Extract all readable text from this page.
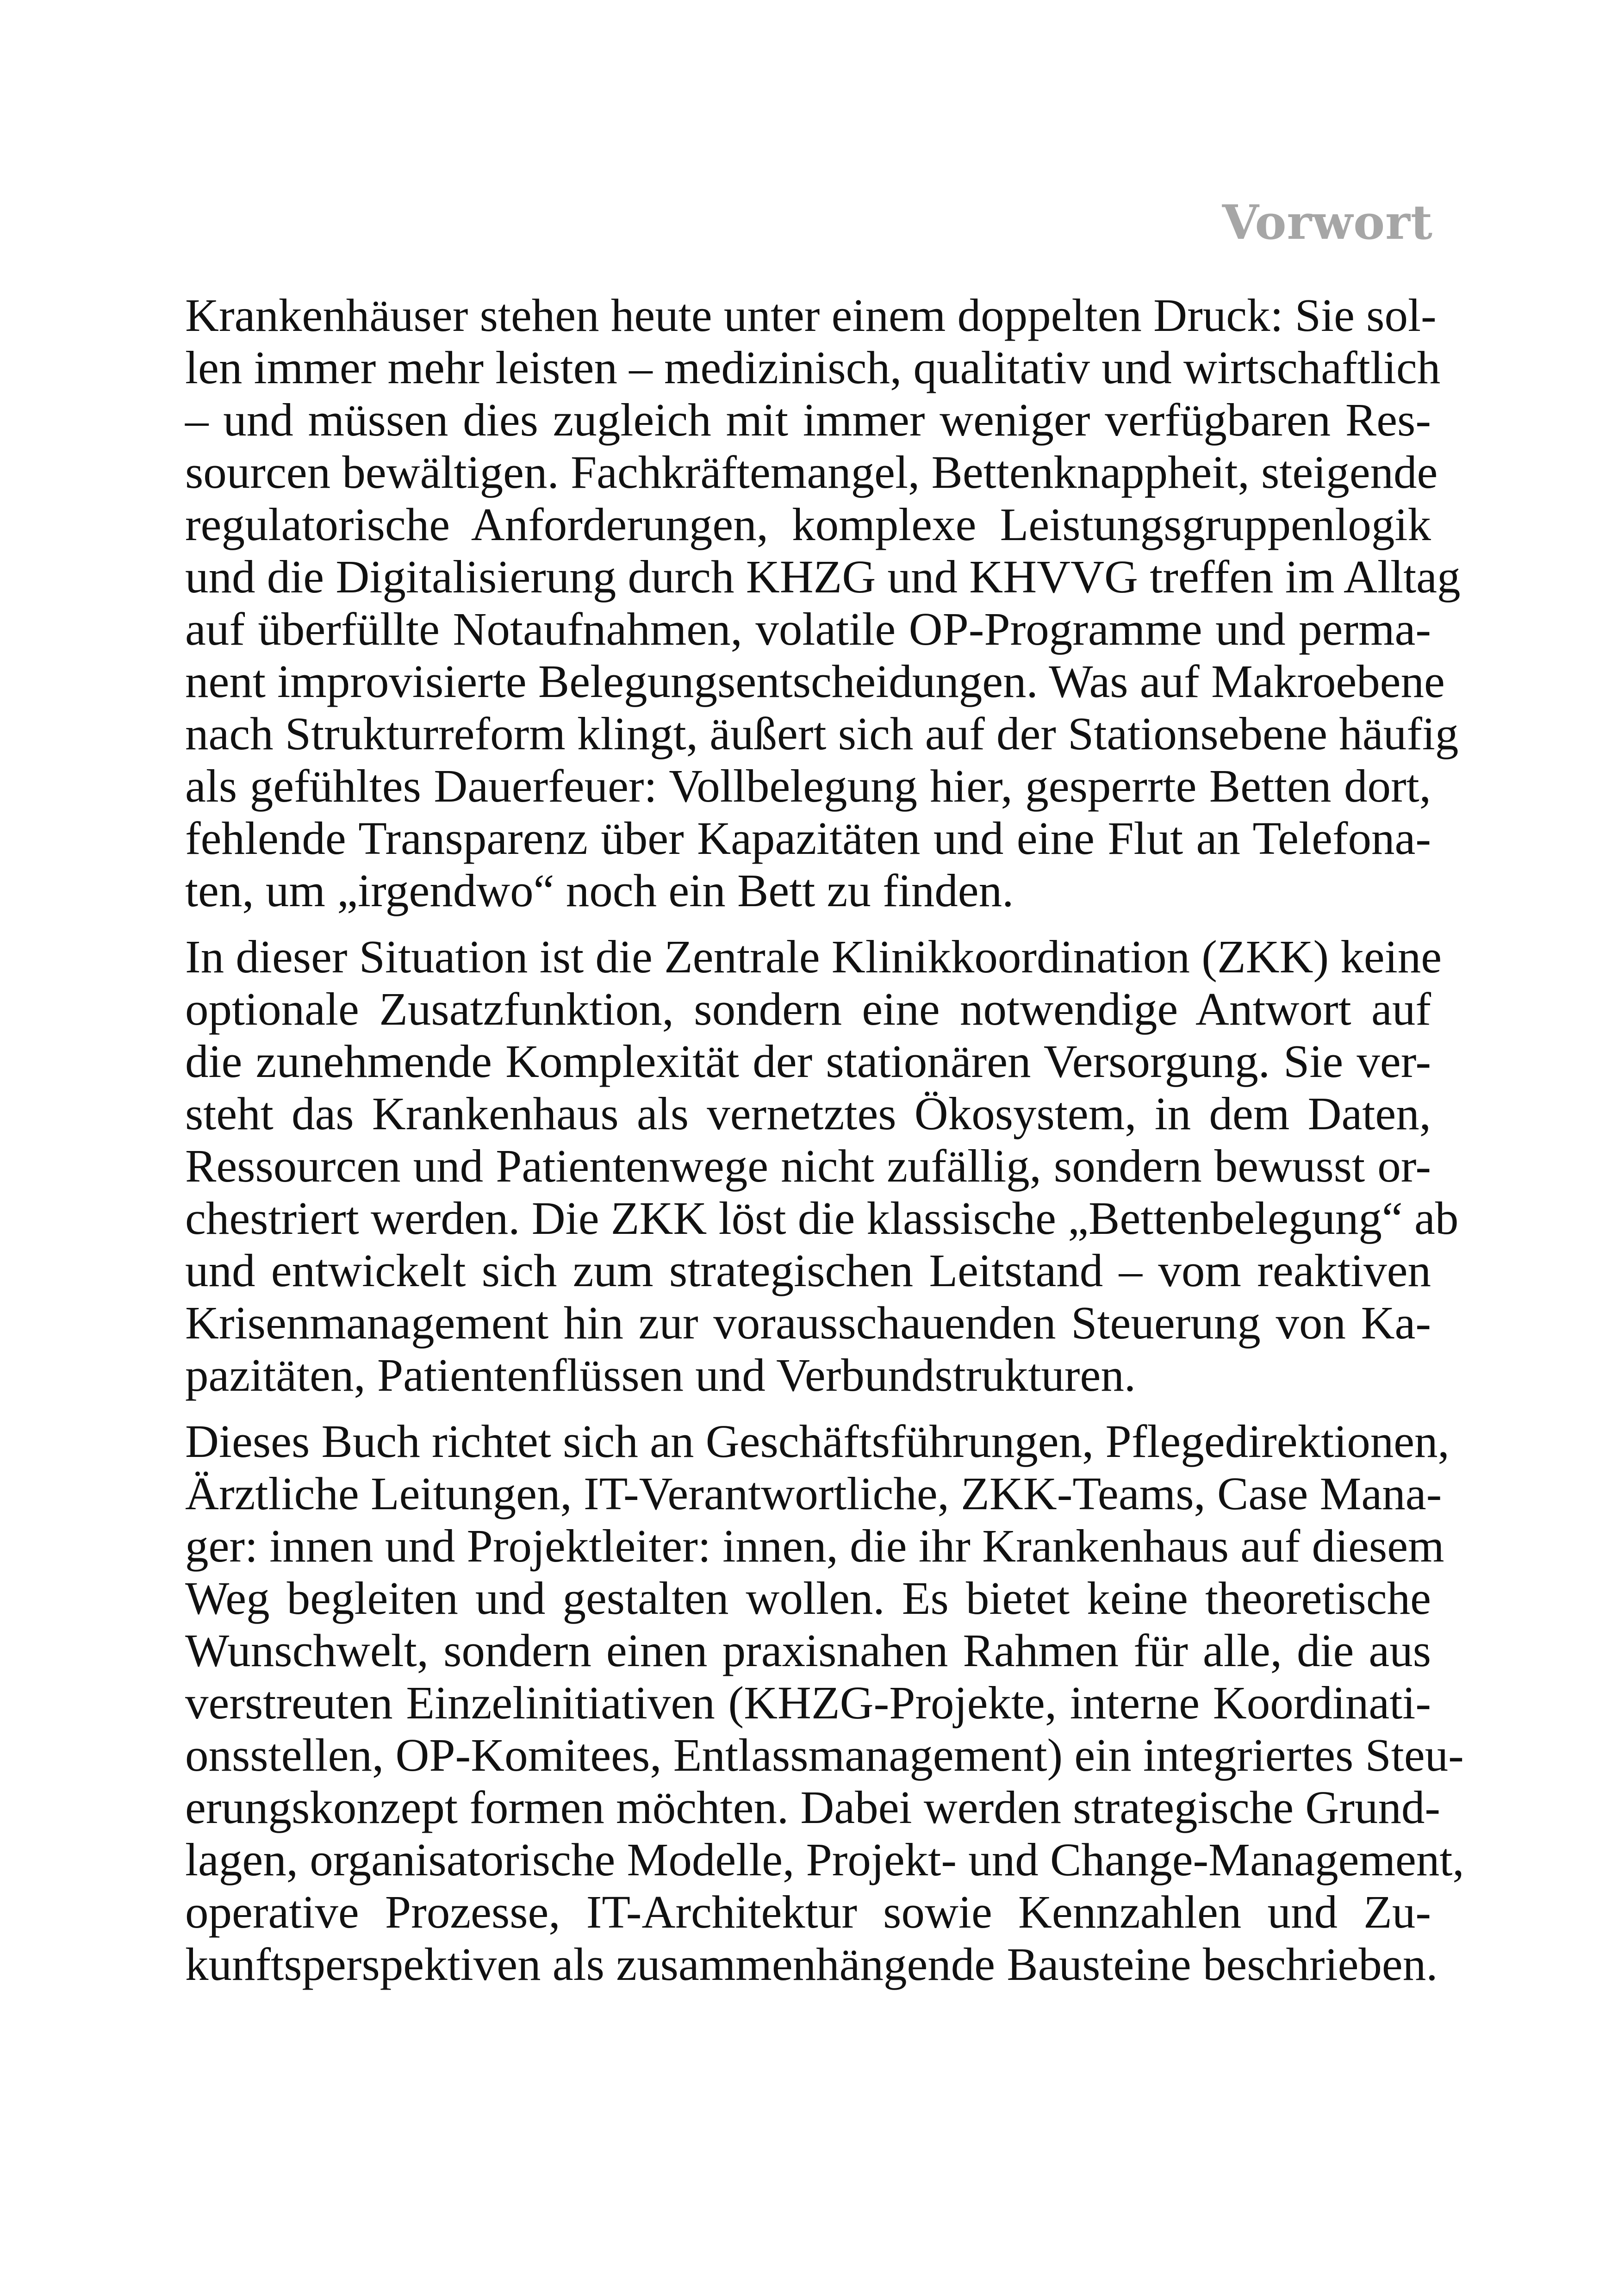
Vorwort

Krankenhäuser stehen heute unter einem doppelten Druck: Sie sol-
len immer mehr leisten – medizinisch, qualitativ und wirtschaftlich
– und müssen dies zugleich mit immer weniger verfügbaren Res-
sourcen bewältigen. Fachkräftemangel, Bettenknappheit, steigende
regulatorische Anforderungen, komplexe Leistungsgruppenlogik
und die Digitalisierung durch KHZG und KHVVG treffen im Alltag
auf überfüllte Notaufnahmen, volatile OP-Programme und perma-
nent improvisierte Belegungsentscheidungen. Was auf Makroebene
nach Strukturreform klingt, äußert sich auf der Stationsebene häufig
als gefühltes Dauerfeuer: Vollbelegung hier, gesperrte Betten dort,
fehlende Transparenz über Kapazitäten und eine Flut an Telefona-
ten, um „irgendwo“ noch ein Bett zu finden.

In dieser Situation ist die Zentrale Klinikkoordination (ZKK) keine
optionale Zusatzfunktion, sondern eine notwendige Antwort auf
die zunehmende Komplexität der stationären Versorgung. Sie ver-
steht das Krankenhaus als vernetztes Ökosystem, in dem Daten,
Ressourcen und Patientenwege nicht zufällig, sondern bewusst or-
chestriert werden. Die ZKK löst die klassische „Bettenbelegung“ ab
und entwickelt sich zum strategischen Leitstand – vom reaktiven
Krisenmanagement hin zur vorausschauenden Steuerung von Ka-
pazitäten, Patientenflüssen und Verbundstrukturen.

Dieses Buch richtet sich an Geschäftsführungen, Pflegedirektionen,
Ärztliche Leitungen, IT-Verantwortliche, ZKK-Teams, Case Mana-
ger: innen und Projektleiter: innen, die ihr Krankenhaus auf diesem
Weg begleiten und gestalten wollen. Es bietet keine theoretische
Wunschwelt, sondern einen praxisnahen Rahmen für alle, die aus
verstreuten Einzelinitiativen (KHZG-Projekte, interne Koordinati-
onsstellen, OP-Komitees, Entlassmanagement) ein integriertes Steu-
erungskonzept formen möchten. Dabei werden strategische Grund-
lagen, organisatorische Modelle, Projekt- und Change-Management,
operative Prozesse, IT-Architektur sowie Kennzahlen und Zu-
kunftsperspektiven als zusammenhängende Bausteine beschrieben.
